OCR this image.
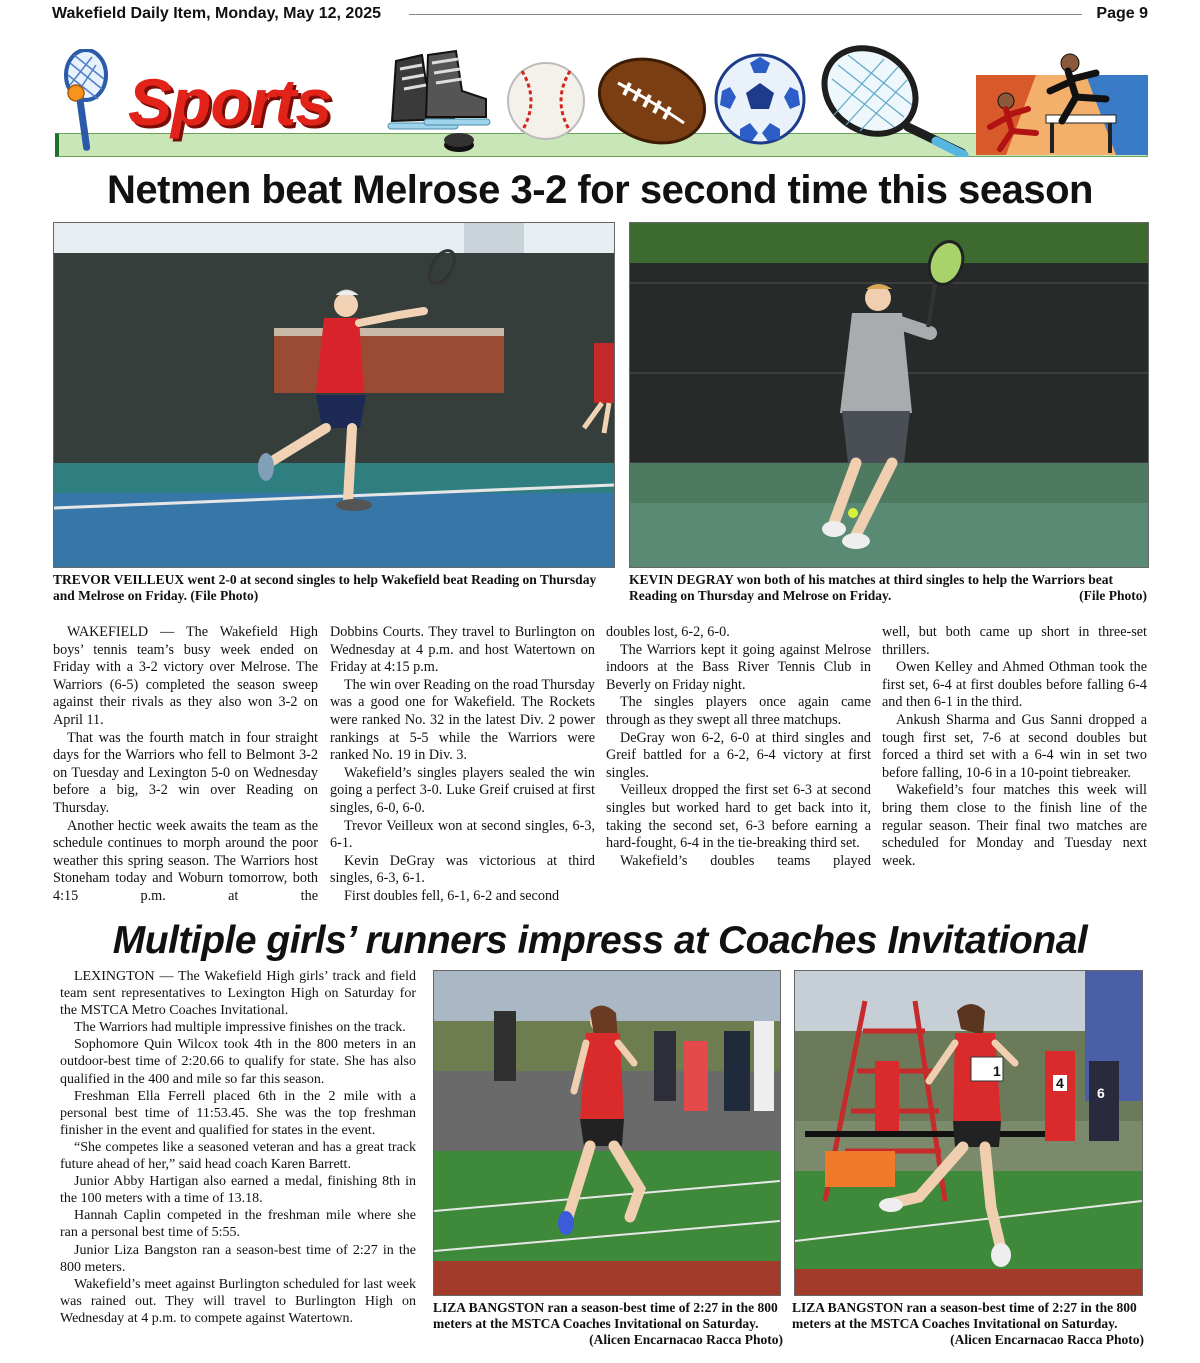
Wakefield Daily Item, Monday, May 12, 2025	Page 9
Sports
Netmen beat Melrose 3-2 for second time this season
TREVOR VEILLEUX went 2-0 at second singles to help Wakefield beat Reading on Thursday and Melrose on Friday. (File Photo)
KEVIN DEGRAY won both of his matches at third singles to help the Warriors beat Reading on Thursday and Melrose on Friday.	(File Photo)

WAKEFIELD — The Wakefield High boys’ tennis team’s busy week ended on Friday with a 3-2 victory over Melrose. The Warriors (6-5) completed the season sweep against their rivals as they also won 3-2 on April 11.

That was the fourth match in four straight days for the Warriors who fell to Belmont 3-2 on Tuesday and Lexington 5-0 on Wednesday before a big, 3-2 win over Reading on Thursday.

Another hectic week awaits the team as the schedule continues to morph around the poor weather this spring season. The Warriors host Stoneham today and Woburn tomorrow, both 4:15 p.m. at the

Dobbins Courts. They travel to Burlington on Wednesday at 4 p.m. and host Watertown on Friday at 4:15 p.m.

The win over Reading on the road Thursday was a good one for Wakefield. The Rockets were ranked No. 32 in the latest Div. 2 power rankings at 5-5 while the Warriors were ranked No. 19 in Div. 3.

Wakefield’s singles players sealed the win going a perfect 3-0. Luke Greif cruised at first singles, 6-0, 6-0.

Trevor Veilleux won at second singles, 6-3, 6-1.

Kevin DeGray was victorious at third singles, 6-3, 6-1.

First doubles fell, 6-1, 6-2 and second

doubles lost, 6-2, 6-0.

The Warriors kept it going against Melrose indoors at the Bass River Tennis Club in Beverly on Friday night.

The singles players once again came through as they swept all three matchups.

DeGray won 6-2, 6-0 at third singles and Greif battled for a 6-2, 6-4 victory at first singles.

Veilleux dropped the first set 6-3 at second singles but worked hard to get back into it, taking the second set, 6-3 before earning a hard-fought, 6-4 in the tie-breaking third set.

Wakefield’s doubles teams played

well, but both came up short in three-set thrillers.

Owen Kelley and Ahmed Othman took the first set, 6-4 at first doubles before falling 6-4 and then 6-1 in the third.

Ankush Sharma and Gus Sanni dropped a tough first set, 7-6 at second doubles but forced a third set with a 6-4 win in set two before falling, 10-6 in a 10-point tiebreaker.

Wakefield’s four matches this week will bring them close to the finish line of the regular season. Their final two matches are scheduled for Monday and Tuesday next week.

Multiple girls’ runners impress at Coaches Invitational

LEXINGTON — The Wakefield High girls’ track and field team sent representatives to Lexington High on Saturday for the MSTCA Metro Coaches Invitational.

The Warriors had multiple impressive finishes on the track.

Sophomore Quin Wilcox took 4th in the 800 meters in an outdoor-best time of 2:20.66 to qualify for state. She has also qualified in the 400 and mile so far this season.

Freshman Ella Ferrell placed 6th in the 2 mile with a personal best time of 11:53.45. She was the top freshman finisher in the event and qualified for states in the event.

“She competes like a seasoned veteran and has a great track future ahead of her,” said head coach Karen Barrett.

Junior Abby Hartigan also earned a medal, finishing 8th in the 100 meters with a time of 13.18.

Hannah Caplin competed in the freshman mile where she ran a personal best time of 5:55.

Junior Liza Bangston ran a season-best time of 2:27 in the 800 meters.

Wakefield’s meet against Burlington scheduled for last week was rained out. They will travel to Burlington High on Wednesday at 4 p.m. to compete against Watertown.

LIZA BANGSTON ran a season-best time of 2:27 in the 800 meters at the MSTCA Coaches Invitational on Saturday.
(Alicen Encarnacao Racca Photo)
1
4
6
LIZA BANGSTON ran a season-best time of 2:27 in the 800 meters at the MSTCA Coaches Invitational on Saturday.
(Alicen Encarnacao Racca Photo)
